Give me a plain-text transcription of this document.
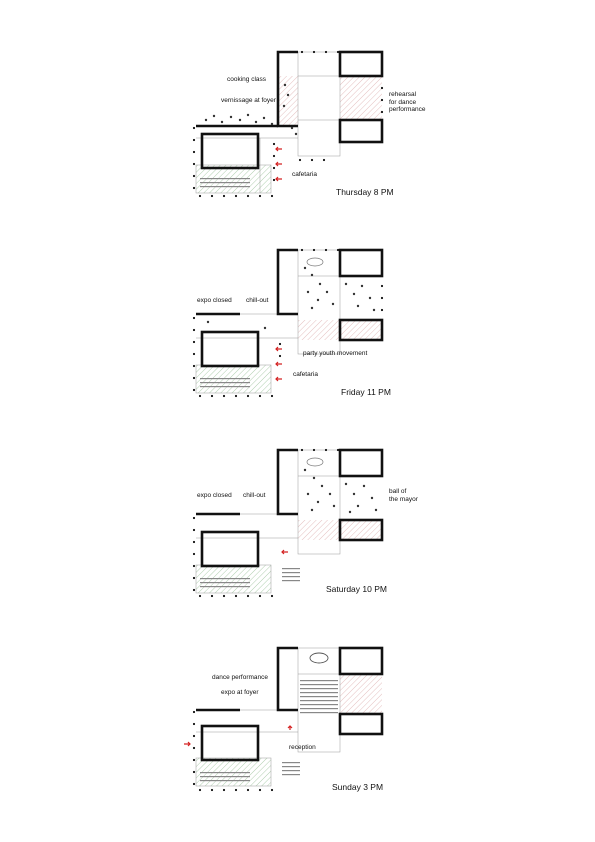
cooking class
vernissage at foyer
cafetaria
rehearsal
for dance
performance
Thursday 8 PM
expo closed chill-out
party youth movement
cafetaria
Friday 11 PM
expo closed chill-out
ball of
the mayor
Saturday 10 PM
dance performance
expo at foyer
reception
Sunday 3 PM
